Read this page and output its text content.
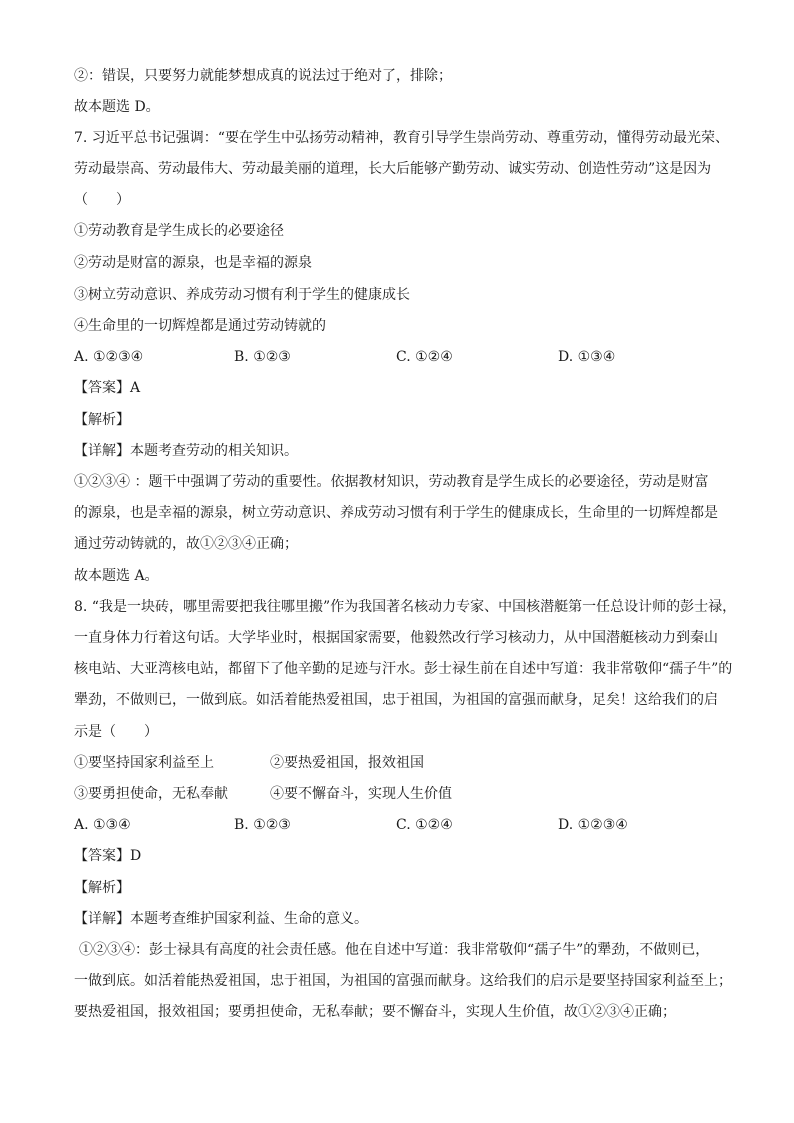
②：错误，只要努力就能梦想成真的说法过于绝对了，排除；
故本题选 D。
7. 习近平总书记强调：“要在学生中弘扬劳动精神，教育引导学生崇尚劳动、尊重劳动，懂得劳动最光荣、
劳动最崇高、劳动最伟大、劳动最美丽的道理，长大后能够产勤劳动、诚实劳动、创造性劳动”这是因为
（　　）
①劳动教育是学生成长的必要途径
②劳动是财富的源泉，也是幸福的源泉
③树立劳动意识、养成劳动习惯有利于学生的健康成长
④生命里的一切辉煌都是通过劳动铸就的
A. ①②③④	B. ①②③	C. ①②④	D. ①③④
【答案】A
【解析】
【详解】本题考查劳动的相关知识。
①②③④ ：题干中强调了劳动的重要性。依据教材知识，劳动教育是学生成长的必要途径，劳动是财富
的源泉，也是幸福的源泉，树立劳动意识、养成劳动习惯有利于学生的健康成长，生命里的一切辉煌都是
通过劳动铸就的，故①②③④正确；
故本题选 A。
8. “我是一块砖，哪里需要把我往哪里搬”作为我国著名核动力专家、中国核潜艇第一任总设计师的彭士禄，
一直身体力行着这句话。大学毕业时，根据国家需要，他毅然改行学习核动力，从中国潜艇核动力到秦山
核电站、大亚湾核电站，都留下了他辛勤的足迹与汗水。彭士禄生前在自述中写道：我非常敬仰“孺子牛”的
犟劲，不做则已，一做到底。如活着能热爱祖国，忠于祖国，为祖国的富强而献身，足矣！这给我们的启
示是（　　）
①要坚持国家利益至上　　　　②要热爱祖国，报效祖国
③要勇担使命，无私奉献　　　④要不懈奋斗，实现人生价值
A. ①③④	B. ①②③	C. ①②④	D. ①②③④
【答案】D
【解析】
【详解】本题考查维护国家利益、生命的意义。
①②③④：彭士禄具有高度的社会责任感。他在自述中写道：我非常敬仰“孺子牛”的犟劲，不做则已，
一做到底。如活着能热爱祖国，忠于祖国，为祖国的富强而献身。这给我们的启示是要坚持国家利益至上；
要热爱祖国，报效祖国；要勇担使命，无私奉献；要不懈奋斗，实现人生价值，故①②③④正确；
